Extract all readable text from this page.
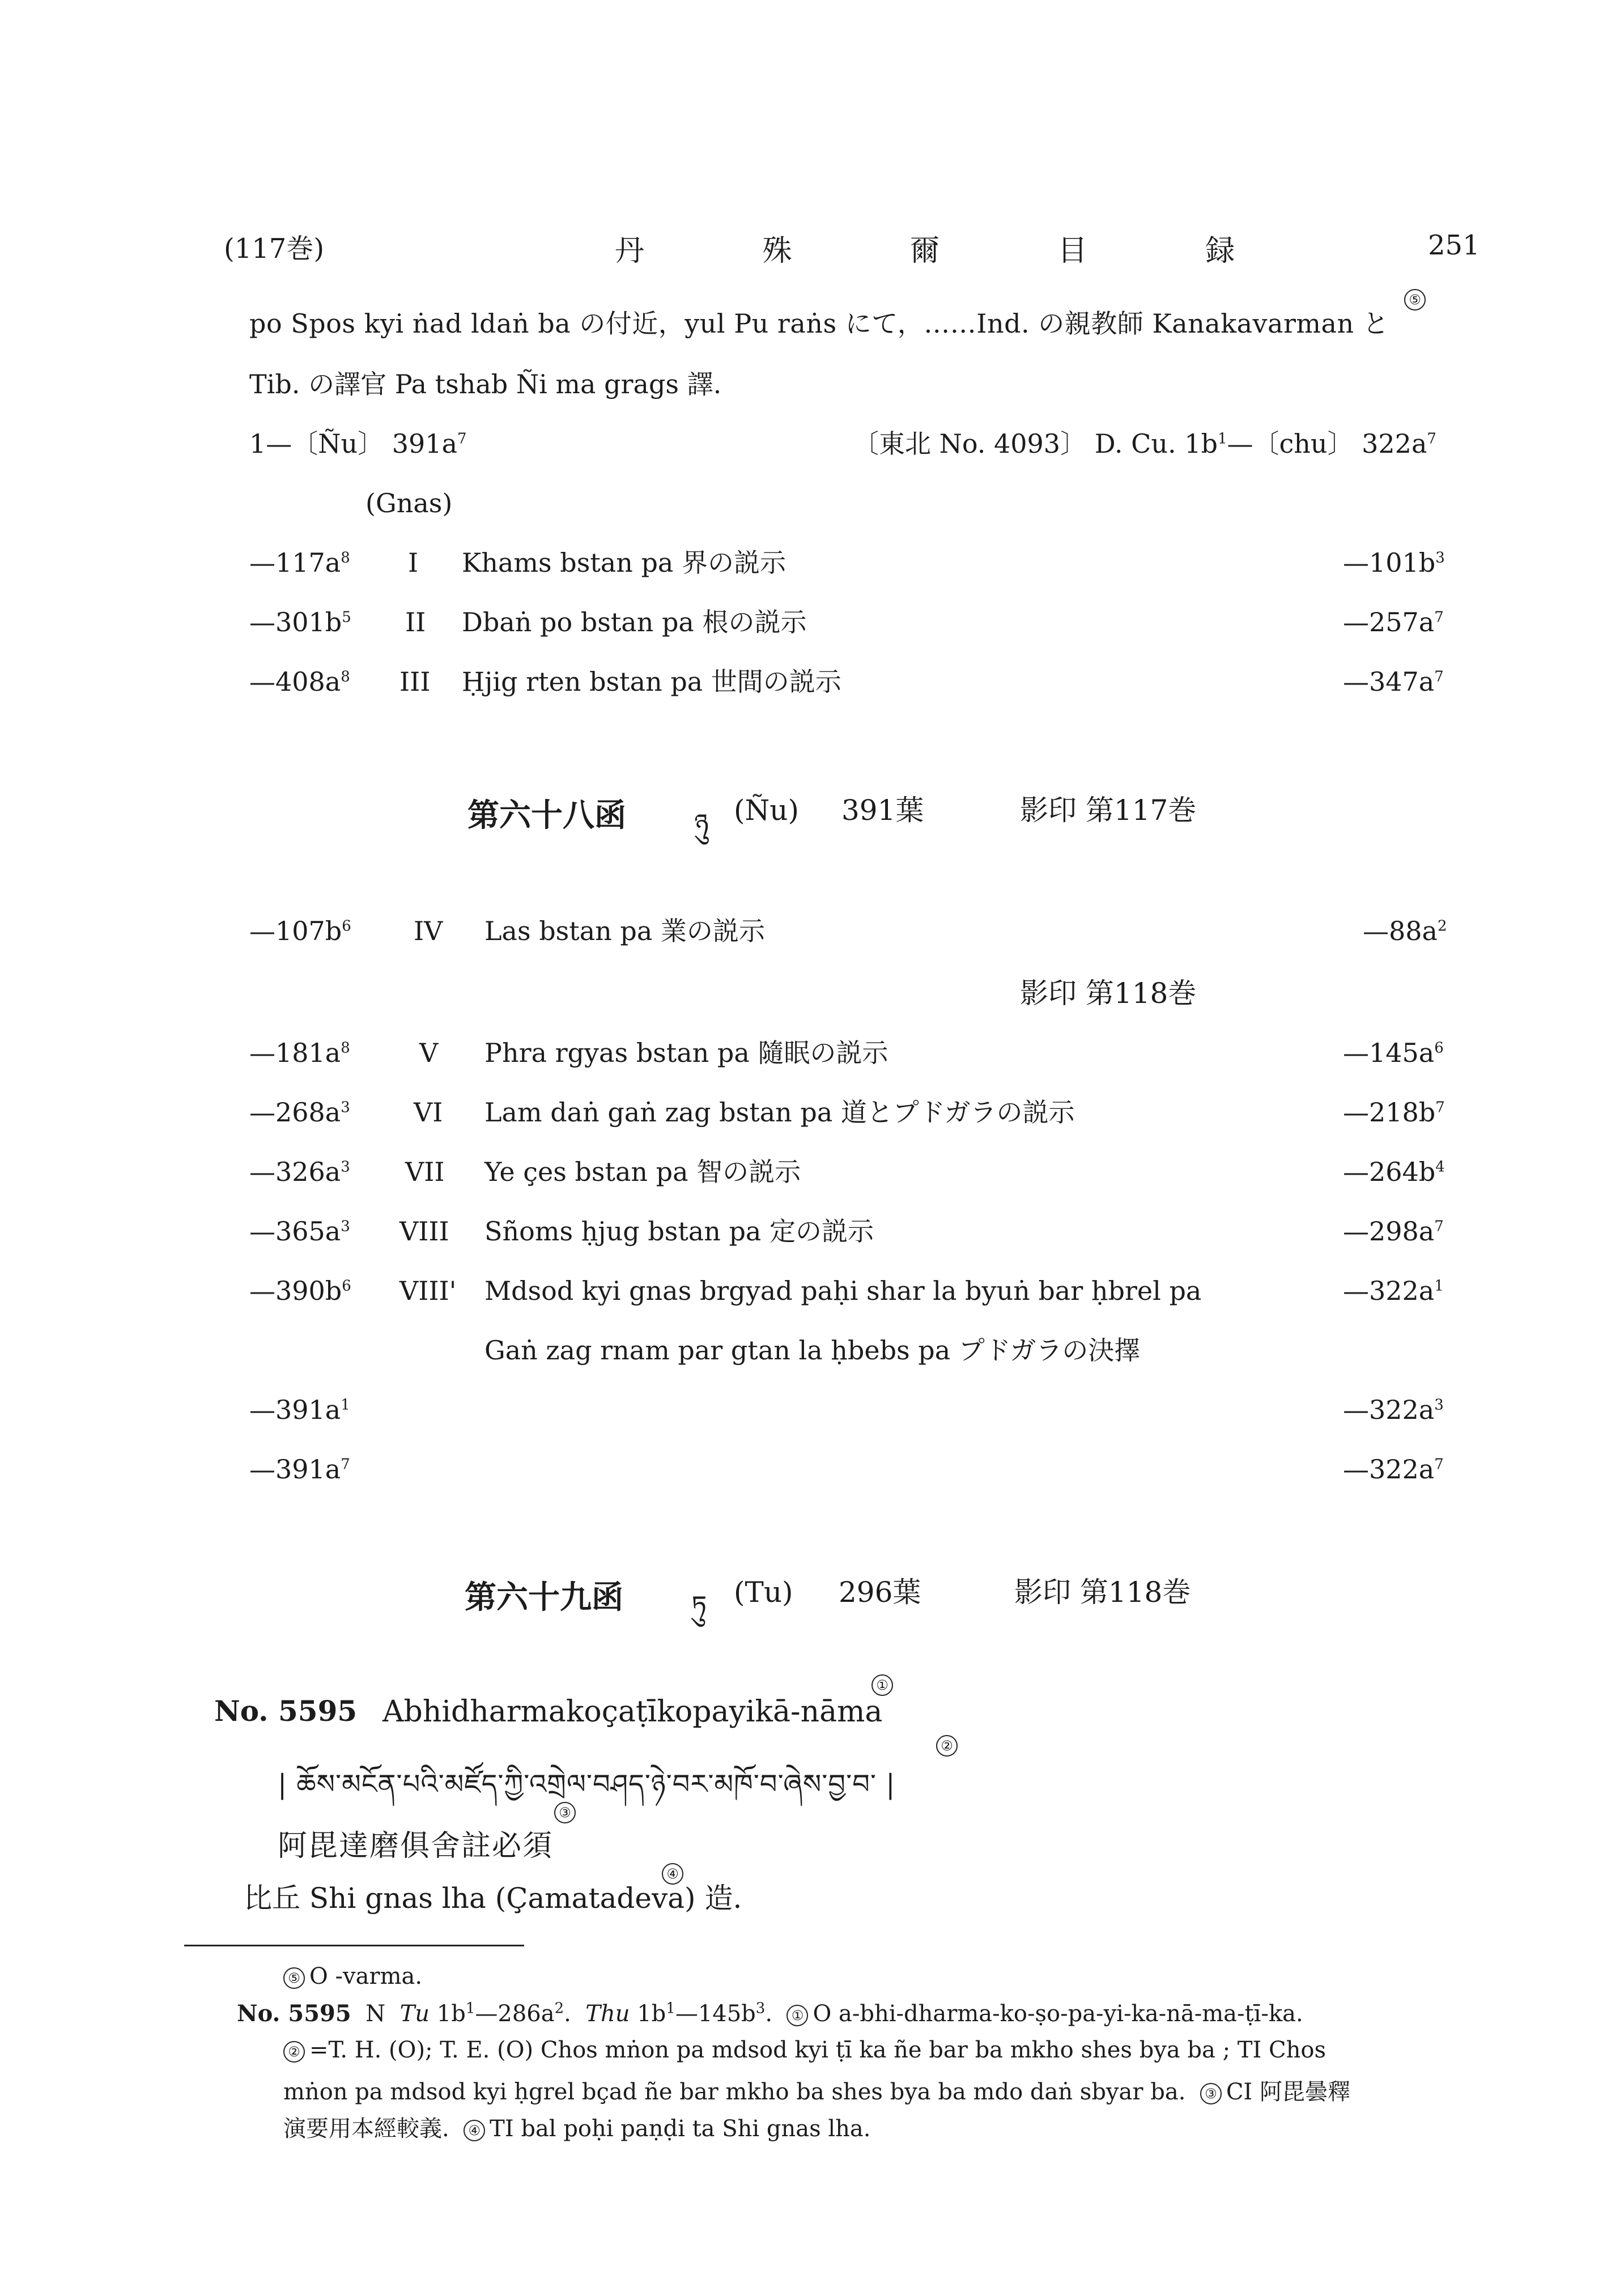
(117巻)	丹 殊 爾 目 録	251
po Spos kyi ṅad ldaṅ ba の付近，yul Pu raṅs にて，……Ind. の親教師 Kanakavarman と
⑤
Tib. の譯官 Pa tshab Ñi ma grags 譯.
1—〔Ñu〕 $391a^7$	〔東北 No. 4093〕 D. Cu. $1b^1—$〔chu〕 $322a^7$
(Gnas)
$—117a^8$ I Khams bstan pa 界の説示	$—101b^3$
$—301b^5$ II Dbaṅ po bstan pa 根の説示	$—257a^7$
$—408a^8$ III Ḥjig rten bstan pa 世間の説示	$—347a^7$
第六十八函	ཉུ (Ñu) 391葉	影印 第117巻
$—107b^6$ IV Las bstan pa 業の説示	$—88a^2$
影印 第118巻
$—181a^8$	V Phra rgyas bstan pa 隨眠の説示	$—145a^6$
$—268a^3$ VI Lam daṅ gaṅ zag bstan pa 道とプドガラの説示	$—218b^7$
$—326a^3$ VII Ye çes bstan pa 智の説示	$—264b^4$
$—365a^3$ VIII Sñoms ḥjug bstan pa 定の説示	$—298a^7$
$—390b^6$ VIII' Mdsod kyi gnas brgyad paḥi shar la byuṅ bar ḥbrel pa	$—322a^1$
Gaṅ zag rnam par gtan la ḥbebs pa プドガラの決擇
$—391a^1$	$—322a^3$
$—391a^7$	$—322a^7$
第六十九函	ཏུ (Tu) 296葉	影印 第118巻
No. 5595 Abhidharmakoçaṭīkopayikā-nāma
①
| ཆོས་མངོན་པའི་མཛོད་ཀྱི་འགྲེལ་བཤད་ཉེ་བར་མཁོ་བ་ཞེས་བྱ་བ་ |
②
阿毘達磨俱舍註必須
③
比丘 Shi gnas lha (Çamatadeva) 造.
④
⑤ O -varma.
No. 5595 N Tu $1b^1—286a^2$.  Thu $1b^1—145b^3$.  ① O a-bhi-dharma-ko-ṣo-pa-yi-ka-nā-ma-ṭī-ka.
② =T. H. (O); T. E. (O) Chos mṅon pa mdsod kyi ṭī ka ñe bar ba mkho shes bya ba ; TI Chos
mṅon pa mdsod kyi ḥgrel bçad ñe bar mkho ba shes bya ba mdo daṅ sbyar ba. ③ CI 阿毘曇釋
演要用本經較義. ④ TI bal poḥi paṇḍi ta Shi gnas lha.
